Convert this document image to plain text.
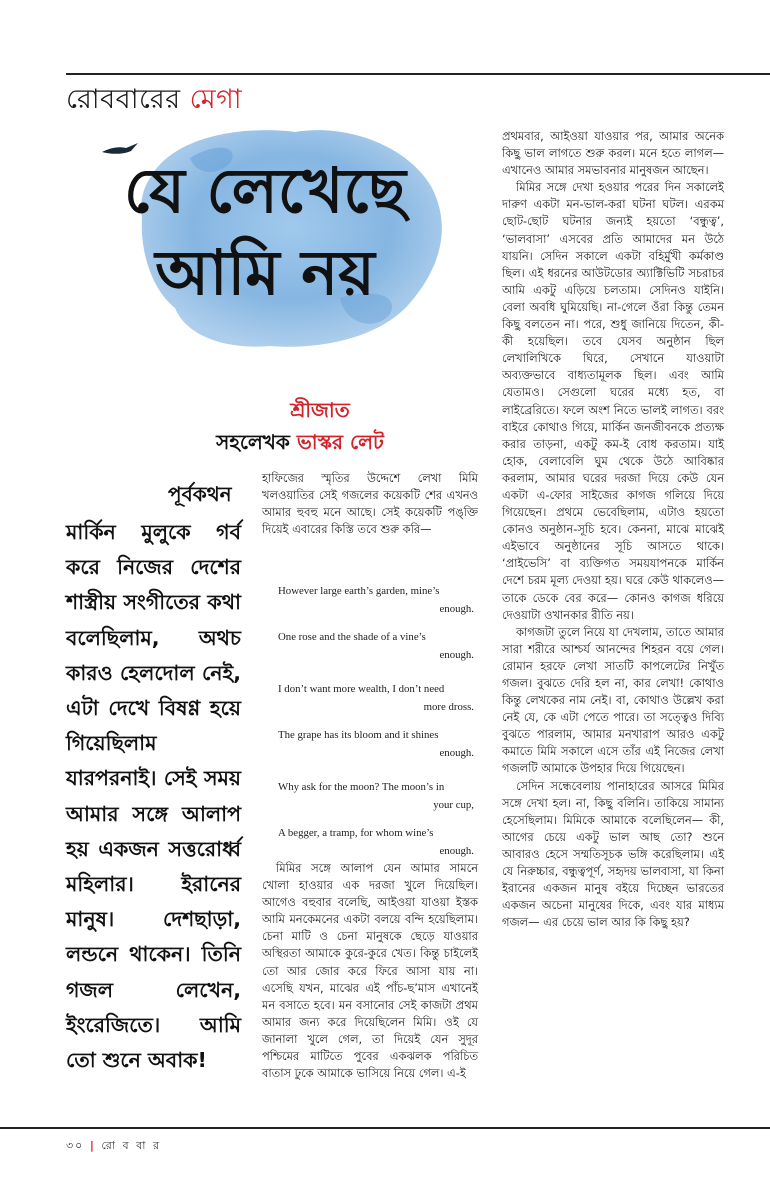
রোববারের মেগা
যে লেখেছে
আমি নয়
শ্রীজাত
সহলেখক ভাস্কর লেট
পূর্বকথন
মার্কিন মুলুকে গর্ব করে নিজের দেশের শাস্ত্রীয় সংগীতের কথা বলেছিলাম, অথচ কারও হেলদোল নেই, এটা দেখে বিষণ্ণ হয়ে গিয়েছিলাম যারপরনাই। সেই সময় আমার সঙ্গে আলাপ হয় একজন সত্তরোর্ধ্ব মহিলার। ইরানের মানুষ। দেশছাড়া, লন্ডনে থাকেন। তিনি গজল লেখেন, ইংরেজিতে। আমি তো শুনে অবাক!

হাফিজের স্মৃতির উদ্দেশে লেখা মিমি খলওয়াতির সেই গজলের কয়েকটি শের এখনও আমার হুবহু মনে আছে। সেই কয়েকটি পঙ্‌ক্তি দিয়েই এবারের কিস্তি তবে শুরু করি—

However large earth’s garden, mine’s
enough.
One rose and the shade of a vine’s
enough.
I don’t want more wealth, I don’t need
more dross.
The grape has its bloom and it shines
enough.
Why ask for the moon? The moon’s in
your cup,
A begger, a tramp, for whom wine’s
enough.

মিমির সঙ্গে আলাপ যেন আমার সামনে খোলা হাওয়ার এক দরজা খুলে দিয়েছিল। আগেও বহুবার বলেছি, আইওয়া যাওয়া ইস্তক আমি মনকেমনের একটা বলয়ে বন্দি হয়েছিলাম। চেনা মাটি ও চেনা মানুষকে ছেড়ে যাওয়ার অস্থিরতা আমাকে কুরে-কুরে খেত। কিন্তু চাইলেই তো আর জোর করে ফিরে আসা যায় না। এসেছি যখন, মাঝের এই পাঁচ-ছ’মাস এখানেই মন বসাতে হবে। মন বসানোর সেই কাজটা প্রথম আমার জন্য করে দিয়েছিলেন মিমি। ওই যে জানালা খুলে গেল, তা দিয়েই যেন সুদূর পশ্চিমের মাটিতে পুবের একঝলক পরিচিত বাতাস ঢুকে আমাকে ভাসিয়ে নিয়ে গেল। এ-ই

প্রথমবার, আইওয়া যাওয়ার পর, আমার অনেক কিছু ভাল লাগতে শুরু করল। মনে হতে লাগল— এখানেও আমার সমভাবনার মানুষজন আছেন।

মিমির সঙ্গে দেখা হওয়ার পরের দিন সকালেই দারুণ একটা মন-ভাল-করা ঘটনা ঘটল। এরকম ছোট-ছোট ঘটনার জন্যই হয়তো ‘বন্ধুত্ব’, ‘ভালবাসা’ এসবের প্রতি আমাদের মন উঠে যায়নি। সেদিন সকালে একটা বহির্মুখী কর্মকাণ্ড ছিল। এই ধরনের আউটডোর অ্যাক্টিভিটি সচরাচর আমি একটু এড়িয়ে চলতাম। সেদিনও যাইনি। বেলা অবধি ঘুমিয়েছি। না-গেলে ওঁরা কিন্তু তেমন কিছু বলতেন না। পরে, শুধু জানিয়ে দিতেন, কী-কী হয়েছিল। তবে যেসব অনুষ্ঠান ছিল লেখালিখিকে ঘিরে, সেখানে যাওয়াটা অব্যক্তভাবে বাধ্যতামূলক ছিল। এবং আমি যেতামও। সেগুলো ঘরের মধ্যে হত, বা লাইব্রেরিতে। ফলে অংশ নিতে ভালই লাগত। বরং বাইরে কোথাও গিয়ে, মার্কিন জনজীবনকে প্রত্যক্ষ করার তাড়না, একটু কম-ই বোধ করতাম। যাই হোক, বেলাবেলি ঘুম থেকে উঠে আবিষ্কার করলাম, আমার ঘরের দরজা দিয়ে কেউ যেন একটা এ-ফোর সাইজের কাগজ গলিয়ে দিয়ে গিয়েছেন। প্রথমে ভেবেছিলাম, এটাও হয়তো কোনও অনুষ্ঠান-সূচি হবে। কেননা, মাঝে মাঝেই এইভাবে অনুষ্ঠানের সূচি আসতে থাকে। ‘প্রাইভেসি’ বা ব্যক্তিগত সময়যাপনকে মার্কিন দেশে চরম মূল্য দেওয়া হয়। ঘরে কেউ থাকলেও— তাকে ডেকে বের করে— কোনও কাগজ ধরিয়ে দেওয়াটা ওখানকার রীতি নয়।

কাগজটা তুলে নিয়ে যা দেখলাম, তাতে আমার সারা শরীরে আশ্চর্য আনন্দের শিহরন বয়ে গেল। রোমান হরফে লেখা সাতটি কাপলেটের নিখুঁত গজল। বুঝতে দেরি হল না, কার লেখা! কোথাও কিন্তু লেখকের নাম নেই। বা, কোথাও উল্লেখ করা নেই যে, কে এটা পেতে পারে। তা সত্ত্বেও দিব্যি বুঝতে পারলাম, আমার মনখারাপ আরও একটু কমাতে মিমি সকালে এসে তাঁর এই নিজের লেখা গজলটি আমাকে উপহার দিয়ে গিয়েছেন।

সেদিন সন্ধেবেলায় পানাহারের আসরে মিমির সঙ্গে দেখা হল। না, কিছু বলিনি। তাকিয়ে সামান্য হেসেছিলাম। মিমিকে আমাকে বলেছিলেন— কী, আগের চেয়ে একটু ভাল আছ তো? শুনে আবারও হেসে সম্মতিসূচক ভঙ্গি করেছিলাম। এই যে নিরুচ্চার, বন্ধুত্বপূর্ণ, সহৃদয় ভালবাসা, যা কিনা ইরানের একজন মানুষ বইয়ে দিচ্ছেন ভারতের একজন অচেনা মানুষের দিকে, এবং যার মাধ্যম গজল— এর চেয়ে ভাল আর কি কিছু হয়?

৩০ | রো ব বা র
